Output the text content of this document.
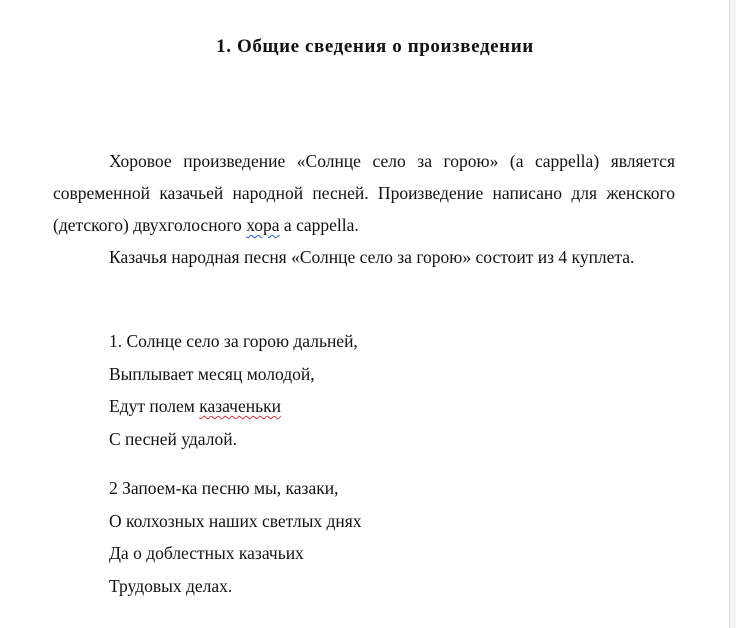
1. Общие сведения о произведении

Хоровое произведение «Солнце село за горою» (a cappella) является современной казачьей народной песней. Произведение написано для женского (детского) двухголосного хора a cappella.

Казачья народная песня «Солнце село за горою» состоит из 4 куплета.

1. Солнце село за горою дальней,
Выплывает месяц молодой,
Едут полем казаченьки
С песней удалой.
2 Запоем-ка песню мы, казаки,
О колхозных наших светлых днях
Да о доблестных казачьих
Трудовых делах.
